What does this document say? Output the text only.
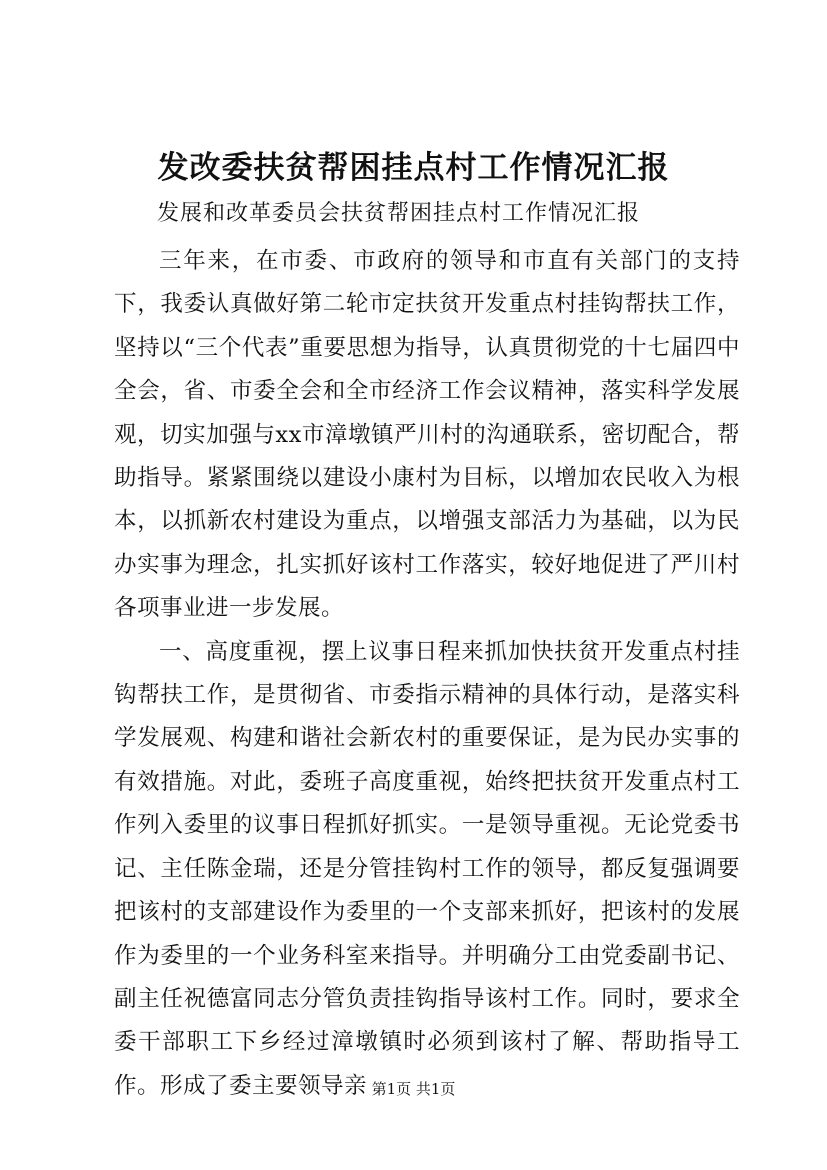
发改委扶贫帮困挂点村工作情况汇报
发展和改革委员会扶贫帮困挂点村工作情况汇报

三年来，在市委、市政府的领导和市直有关部门的支持下，我委认真做好第二轮市定扶贫开发重点村挂钩帮扶工作，坚持以“三个代表”重要思想为指导，认真贯彻党的十七届四中全会，省、市委全会和全市经济工作会议精神，落实科学发展观，切实加强与xx市漳墩镇严川村的沟通联系，密切配合，帮助指导。紧紧围绕以建设小康村为目标，以增加农民收入为根本，以抓新农村建设为重点，以增强支部活力为基础，以为民办实事为理念，扎实抓好该村工作落实，较好地促进了严川村各项事业进一步发展。

一、高度重视，摆上议事日程来抓加快扶贫开发重点村挂钩帮扶工作，是贯彻省、市委指示精神的具体行动，是落实科学发展观、构建和谐社会新农村的重要保证，是为民办实事的有效措施。对此，委班子高度重视，始终把扶贫开发重点村工作列入委里的议事日程抓好抓实。一是领导重视。无论党委书记、主任陈金瑞，还是分管挂钩村工作的领导，都反复强调要把该村的支部建设作为委里的一个支部来抓好，把该村的发展作为委里的一个业务科室来指导。并明确分工由党委副书记、副主任祝德富同志分管负责挂钩指导该村工作。同时，要求全委干部职工下乡经过漳墩镇时必须到该村了解、帮助指导工作。形成了委主要领导亲 第1页 共1页
